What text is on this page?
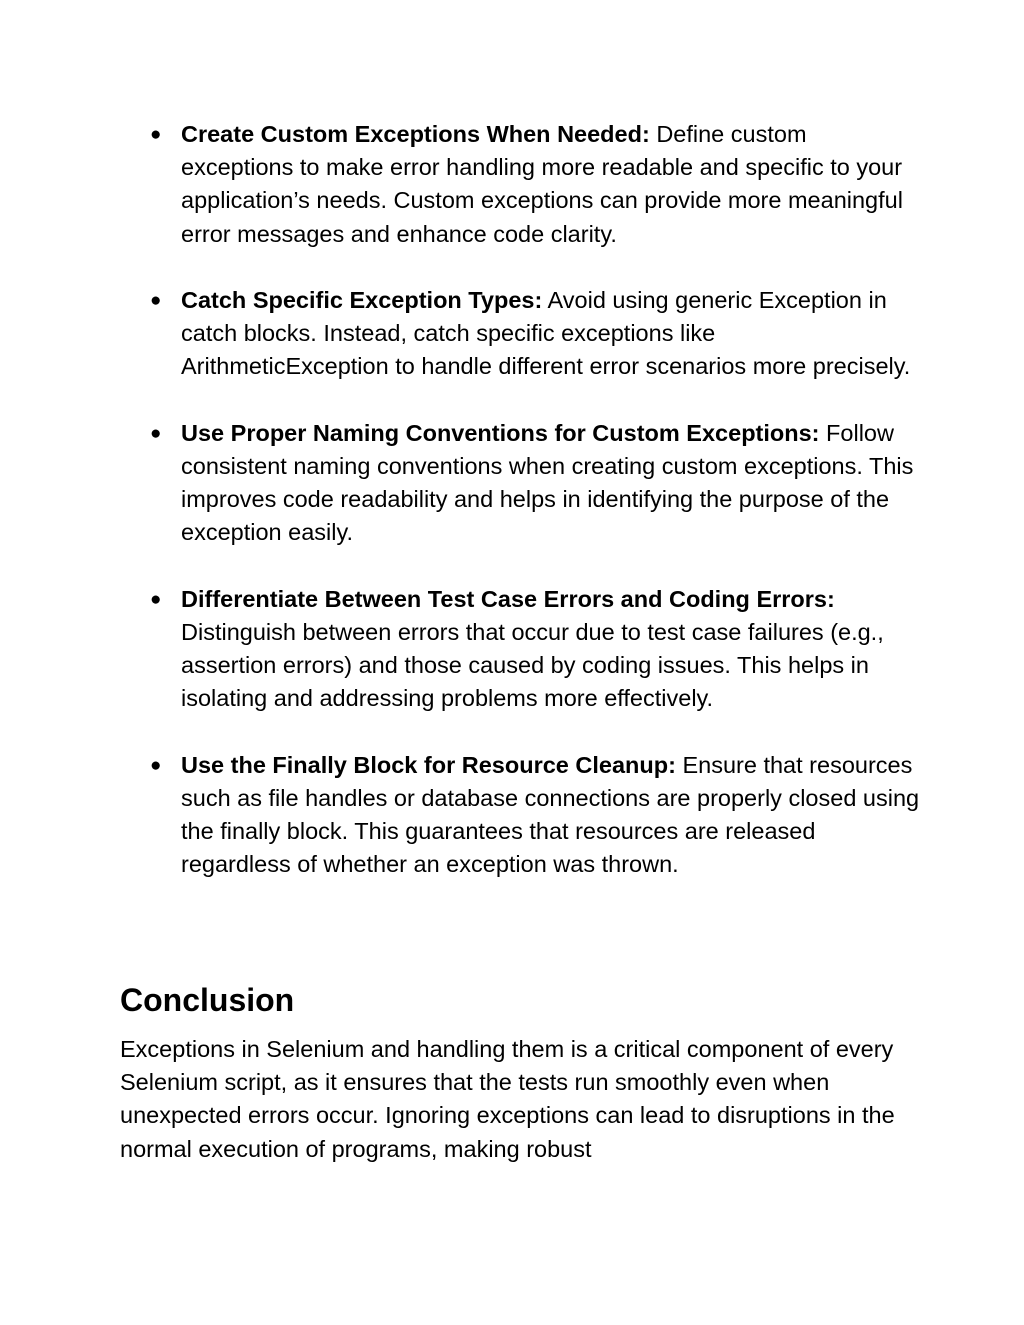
● Create Custom Exceptions When Needed: Define custom exceptions to make error handling more readable and specific to your application’s needs. Custom exceptions can provide more meaningful error messages and enhance code clarity.
● Catch Specific Exception Types: Avoid using generic Exception in catch blocks. Instead, catch specific exceptions like ArithmeticException to handle different error scenarios more precisely.
● Use Proper Naming Conventions for Custom Exceptions: Follow consistent naming conventions when creating custom exceptions. This improves code readability and helps in identifying the purpose of the exception easily.
● Differentiate Between Test Case Errors and Coding Errors: Distinguish between errors that occur due to test case failures (e.g., assertion errors) and those caused by coding issues. This helps in isolating and addressing problems more effectively.
● Use the Finally Block for Resource Cleanup: Ensure that resources such as file handles or database connections are properly closed using the finally block. This guarantees that resources are released regardless of whether an exception was thrown.
Conclusion

Exceptions in Selenium and handling them is a critical component of every Selenium script, as it ensures that the tests run smoothly even when unexpected errors occur. Ignoring exceptions can lead to disruptions in the normal execution of programs, making robust
